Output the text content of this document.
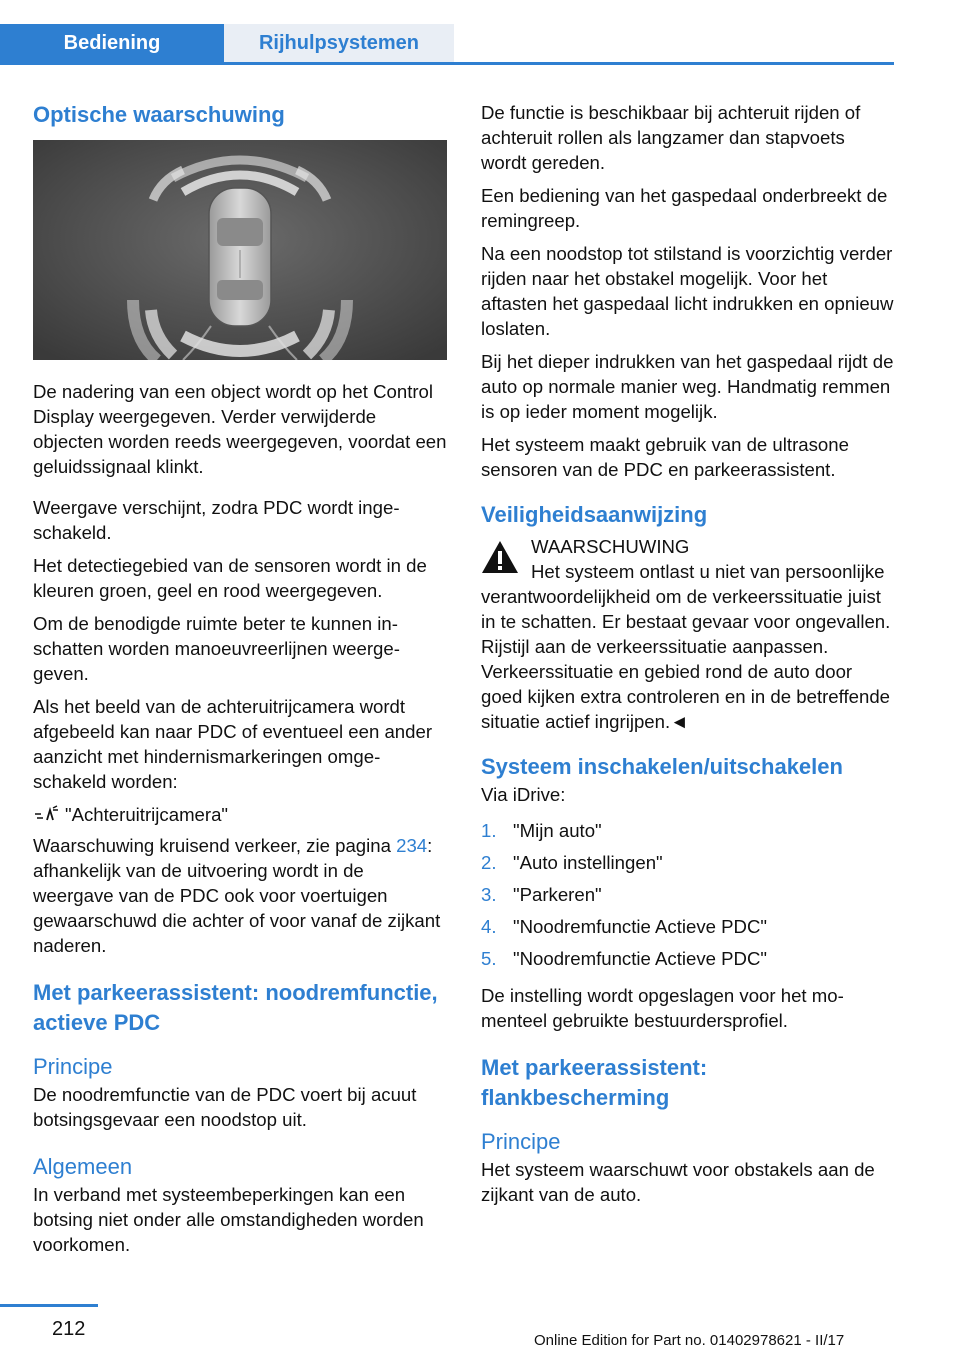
Bediening	Rijhulpsystemen
Optische waarschuwing

De nadering van een object wordt op het Control Display weergegeven. Verder verwijderde objecten worden reeds weergegeven, voordat een geluidssignaal klinkt.

Weergave verschijnt, zodra PDC wordt ingeschakeld.

Het detectiegebied van de sensoren wordt in de kleuren groen, geel en rood weergegeven.

Om de benodigde ruimte beter te kunnen inschatten worden manoeuvreerlijnen weergegeven.

Als het beeld van de achteruitrijcamera wordt afgebeeld kan naar PDC of eventueel een ander aanzicht met hindernismarkeringen omgeschakeld worden:

"Achteruitrijcamera"

Waarschuwing kruisend verkeer, zie pagina 234: afhankelijk van de uitvoering wordt in de weergave van de PDC ook voor voertuigen gewaarschuwd die achter of voor vanaf de zijkant naderen.

Met parkeerassistent: noodremfunctie, actieve PDC
Principe

De noodremfunctie van de PDC voert bij acuut botsingsgevaar een noodstop uit.

Algemeen

In verband met systeembeperkingen kan een botsing niet onder alle omstandigheden worden voorkomen.

De functie is beschikbaar bij achteruit rijden of achteruit rollen als langzamer dan stapvoets wordt gereden.

Een bediening van het gaspedaal onderbreekt de remingreep.

Na een noodstop tot stilstand is voorzichtig verder rijden naar het obstakel mogelijk. Voor het aftasten het gaspedaal licht indrukken en opnieuw loslaten.

Bij het dieper indrukken van het gaspedaal rijdt de auto op normale manier weg. Handmatig remmen is op ieder moment mogelijk.

Het systeem maakt gebruik van de ultrasone sensoren van de PDC en parkeerassistent.

Veiligheidsaanwijzing

WAARSCHUWING

Het systeem ontlast u niet van persoonlijke verantwoordelijkheid om de verkeerssituatie juist in te schatten. Er bestaat gevaar voor ongevallen. Rijstijl aan de verkeerssituatie aanpassen. Verkeerssituatie en gebied rond de auto door goed kijken extra controleren en in de betreffende situatie actief ingrijpen.◄

Systeem inschakelen/uitschakelen

Via iDrive:

1. "Mijn auto"
2. "Auto instellingen"
3. "Parkeren"
4. "Noodremfunctie Actieve PDC"
5. "Noodremfunctie Actieve PDC"

De instelling wordt opgeslagen voor het momenteel gebruikte bestuurdersprofiel.

Met parkeerassistent: flankbescherming
Principe

Het systeem waarschuwt voor obstakels aan de zijkant van de auto.

212
Online Edition for Part no. 01402978621 - II/17
